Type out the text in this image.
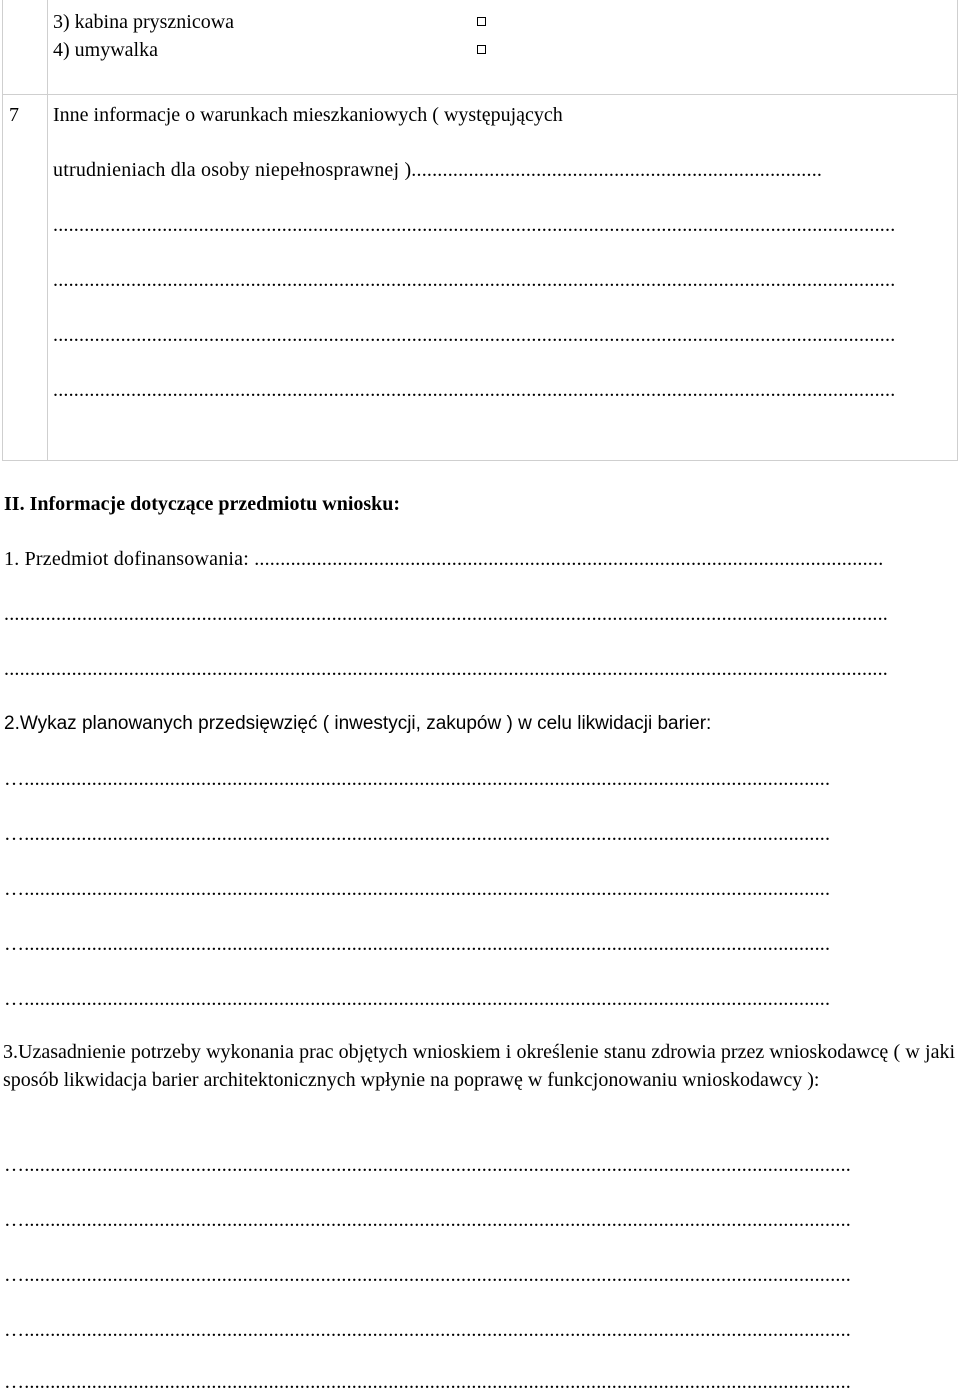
3) kabina prysznicowa
4) umywalka
7 Inne informacje o warunkach mieszkaniowych ( występujących
utrudnieniach dla osoby niepełnosprawnej )...............................................................................
..................................................................................................................................................................
..................................................................................................................................................................
..................................................................................................................................................................
..................................................................................................................................................................
II. Informacje dotyczące przedmiotu wniosku:
1. Przedmiot dofinansowania: .........................................................................................................................
..........................................................................................................................................................................
..........................................................................................................................................................................
2.Wykaz planowanych przedsięwzięć ( inwestycji, zakupów ) w celu likwidacji barier:
…...........................................................................................................................................................
…...........................................................................................................................................................
…...........................................................................................................................................................
…...........................................................................................................................................................
…...........................................................................................................................................................
3.Uzasadnienie potrzeby wykonania prac objętych wnioskiem i określenie stanu zdrowia przez wnioskodawcę ( w jaki sposób likwidacja barier architektonicznych wpłynie na poprawę w funkcjonowaniu wnioskodawcy ):
…...............................................................................................................................................................
…...............................................................................................................................................................
…...............................................................................................................................................................
…...............................................................................................................................................................
…...............................................................................................................................................................
